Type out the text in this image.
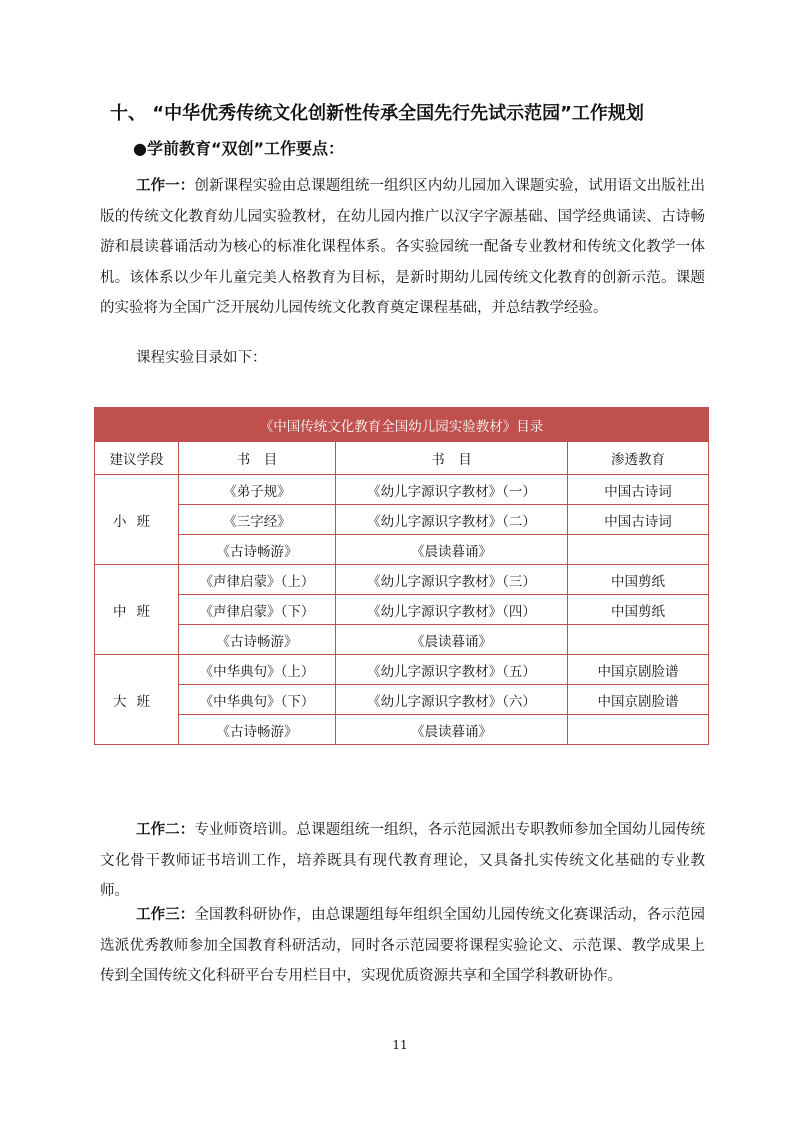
十、 “中华优秀传统文化创新性传承全国先行先试示范园”工作规划
●学前教育“双创”工作要点：
工作一：创新课程实验由总课题组统一组织区内幼儿园加入课题实验，试用语文出版社出版的传统文化教育幼儿园实验教材，在幼儿园内推广以汉字字源基础、国学经典诵读、古诗畅游和晨读暮诵活动为核心的标准化课程体系。各实验园统一配备专业教材和传统文化教学一体机。该体系以少年儿童完美人格教育为目标，是新时期幼儿园传统文化教育的创新示范。课题的实验将为全国广泛开展幼儿园传统文化教育奠定课程基础，并总结教学经验。
课程实验目录如下：
《中国传统文化教育全国幼儿园实验教材》目录			
建议学段	书　目	书　目	渗透教育
小班	《弟子规》	《幼儿字源识字教材》（一）	中国古诗词
	《三字经》	《幼儿字源识字教材》（二）	中国古诗词
	《古诗畅游》	《晨读暮诵》	
中班	《声律启蒙》（上）	《幼儿字源识字教材》（三）	中国剪纸
	《声律启蒙》（下）	《幼儿字源识字教材》（四）	中国剪纸
	《古诗畅游》	《晨读暮诵》	
大班	《中华典句》（上）	《幼儿字源识字教材》（五）	中国京剧脸谱
	《中华典句》（下）	《幼儿字源识字教材》（六）	中国京剧脸谱
	《古诗畅游》	《晨读暮诵》	
工作二：专业师资培训。总课题组统一组织，各示范园派出专职教师参加全国幼儿园传统文化骨干教师证书培训工作，培养既具有现代教育理论，又具备扎实传统文化基础的专业教师。
工作三：全国教科研协作，由总课题组每年组织全国幼儿园传统文化赛课活动，各示范园选派优秀教师参加全国教育科研活动，同时各示范园要将课程实验论文、示范课、教学成果上传到全国传统文化科研平台专用栏目中，实现优质资源共享和全国学科教研协作。
11
